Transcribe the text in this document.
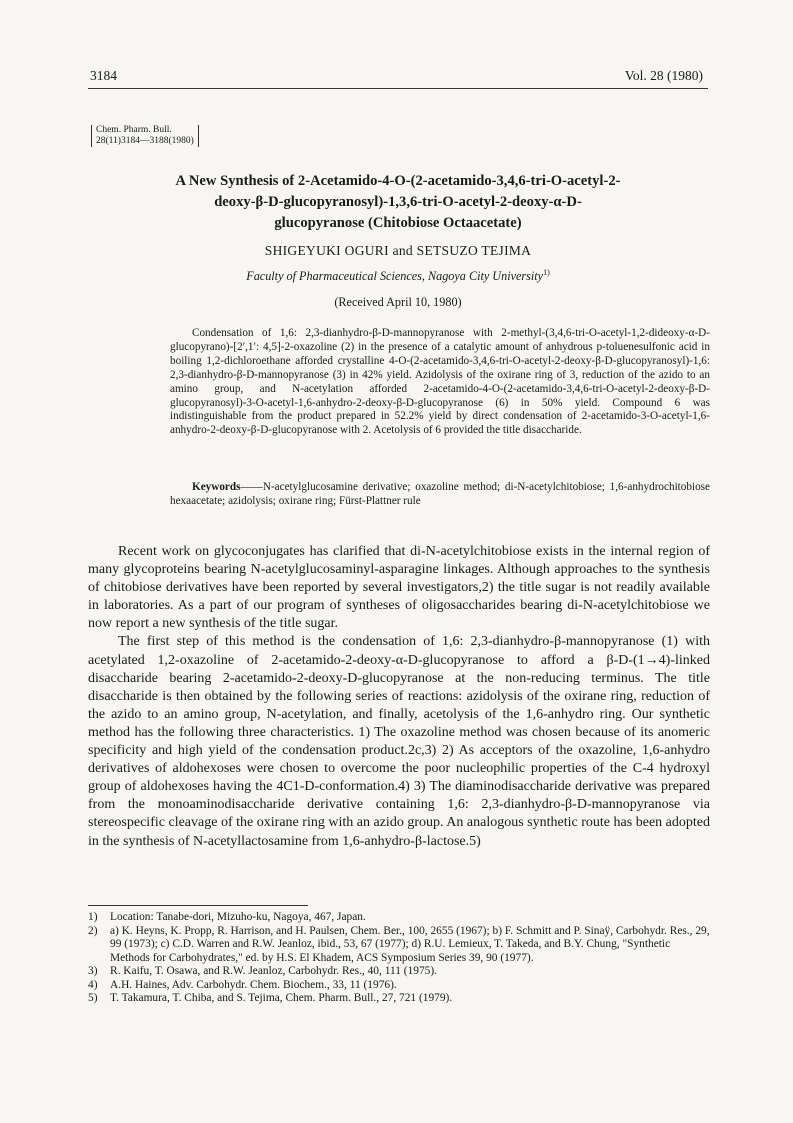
3184	Vol. 28 (1980)
Chem. Pharm. Bull.
28(11)3184—3188(1980)
A New Synthesis of 2-Acetamido-4-O-(2-acetamido-3,4,6-tri-O-acetyl-2-
deoxy-β-D-glucopyranosyl)-1,3,6-tri-O-acetyl-2-deoxy-α-D-
glucopyranose (Chitobiose Octaacetate)
SHIGEYUKI OGURI and SETSUZO TEJIMA
Faculty of Pharmaceutical Sciences, Nagoya City University$^{1)}$
(Received April 10, 1980)
Condensation of 1,6: 2,3-dianhydro-β-D-mannopyranose with 2-methyl-(3,4,6-tri-O-acetyl-1,2-dideoxy-α-D-glucopyrano)-[2′,1′: 4,5]-2-oxazoline (2) in the presence of a catalytic amount of anhydrous p-toluenesulfonic acid in boiling 1,2-dichloroethane afforded crystalline 4-O-(2-acetamido-3,4,6-tri-O-acetyl-2-deoxy-β-D-glucopyranosyl)-1,6: 2,3-dianhydro-β-D-mannopyranose (3) in 42% yield. Azidolysis of the oxirane ring of 3, reduction of the azido to an amino group, and N-acetylation afforded 2-acetamido-4-O-(2-acetamido-3,4,6-tri-O-acetyl-2-deoxy-β-D-glucopyranosyl)-3-O-acetyl-1,6-anhydro-2-deoxy-β-D-glucopyranose (6) in 50% yield. Compound 6 was indistinguishable from the product prepared in 52.2% yield by direct condensation of 2-acetamido-3-O-acetyl-1,6-anhydro-2-deoxy-β-D-glucopyranose with 2. Acetolysis of 6 provided the title disaccharide.
Keywords——N-acetylglucosamine derivative; oxazoline method; di-N-acetylchitobiose; 1,6-anhydrochitobiose hexaacetate; azidolysis; oxirane ring; Fürst-Plattner rule

Recent work on glycoconjugates has clarified that di-N-acetylchitobiose exists in the internal region of many glycoproteins bearing N-acetylglucosaminyl-asparagine linkages. Although approaches to the synthesis of chitobiose derivatives have been reported by several investigators,2) the title sugar is not readily available in laboratories. As a part of our program of syntheses of oligosaccharides bearing di-N-acetylchitobiose we now report a new synthesis of the title sugar.

The first step of this method is the condensation of 1,6: 2,3-dianhydro-β-mannopyranose (1) with acetylated 1,2-oxazoline of 2-acetamido-2-deoxy-α-D-glucopyranose to afford a β-D-(1→4)-linked disaccharide bearing 2-acetamido-2-deoxy-D-glucopyranose at the non-reducing terminus. The title disaccharide is then obtained by the following series of reactions: azidolysis of the oxirane ring, reduction of the azido to an amino group, N-acetylation, and finally, acetolysis of the 1,6-anhydro ring. Our synthetic method has the following three characteristics. 1) The oxazoline method was chosen because of its anomeric specificity and high yield of the condensation product.2c,3) 2) As acceptors of the oxazoline, 1,6-anhydro derivatives of aldohexoses were chosen to overcome the poor nucleophilic properties of the C-4 hydroxyl group of aldohexoses having the 4C1-D-conformation.4) 3) The diaminodisaccharide derivative was prepared from the monoaminodisaccharide derivative containing 1,6: 2,3-dianhydro-β-D-mannopyranose via stereospecific cleavage of the oxirane ring with an azido group. An analogous synthetic route has been adopted in the synthesis of N-acetyllactosamine from 1,6-anhydro-β-lactose.5)

1)	Location: Tanabe-dori, Mizuho-ku, Nagoya, 467, Japan.
2)	a) K. Heyns, K. Propp, R. Harrison, and H. Paulsen, Chem. Ber., 100, 2655 (1967); b) F. Schmitt and P. Sinaÿ, Carbohydr. Res., 29, 99 (1973); c) C.D. Warren and R.W. Jeanloz, ibid., 53, 67 (1977); d) R.U. Lemieux, T. Takeda, and B.Y. Chung, "Synthetic Methods for Carbohydrates," ed. by H.S. El Khadem, ACS Symposium Series 39, 90 (1977).
3)	R. Kaifu, T. Osawa, and R.W. Jeanloz, Carbohydr. Res., 40, 111 (1975).
4)	A.H. Haines, Adv. Carbohydr. Chem. Biochem., 33, 11 (1976).
5)	T. Takamura, T. Chiba, and S. Tejima, Chem. Pharm. Bull., 27, 721 (1979).
